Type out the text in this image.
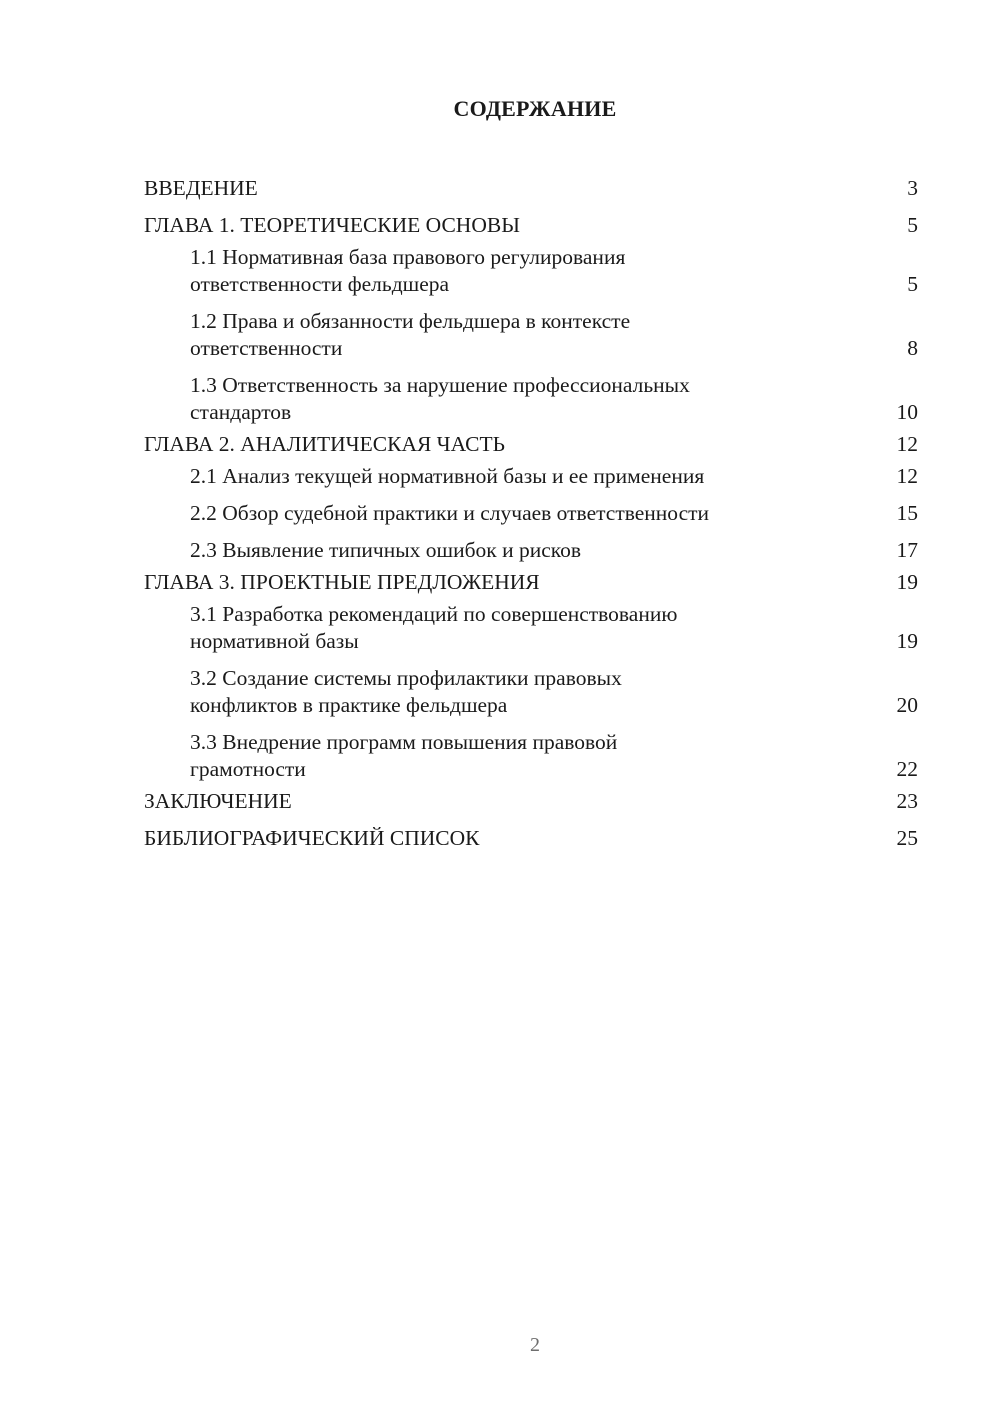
СОДЕРЖАНИЕ
ВВЕДЕНИЕ	3
ГЛАВА 1. ТЕОРЕТИЧЕСКИЕ ОСНОВЫ	5
1.1 Нормативная база правового регулирования
ответственности фельдшера	5
1.2 Права и обязанности фельдшера в контексте
ответственности	8
1.3 Ответственность за нарушение профессиональных
стандартов	10
ГЛАВА 2. АНАЛИТИЧЕСКАЯ ЧАСТЬ	12
2.1 Анализ текущей нормативной базы и ее применения	12
2.2 Обзор судебной практики и случаев ответственности	15
2.3 Выявление типичных ошибок и рисков	17
ГЛАВА 3. ПРОЕКТНЫЕ ПРЕДЛОЖЕНИЯ	19
3.1 Разработка рекомендаций по совершенствованию
нормативной базы	19
3.2 Создание системы профилактики правовых
конфликтов в практике фельдшера	20
3.3 Внедрение программ повышения правовой
грамотности	22
ЗАКЛЮЧЕНИЕ	23
БИБЛИОГРАФИЧЕСКИЙ СПИСОК	25
2
